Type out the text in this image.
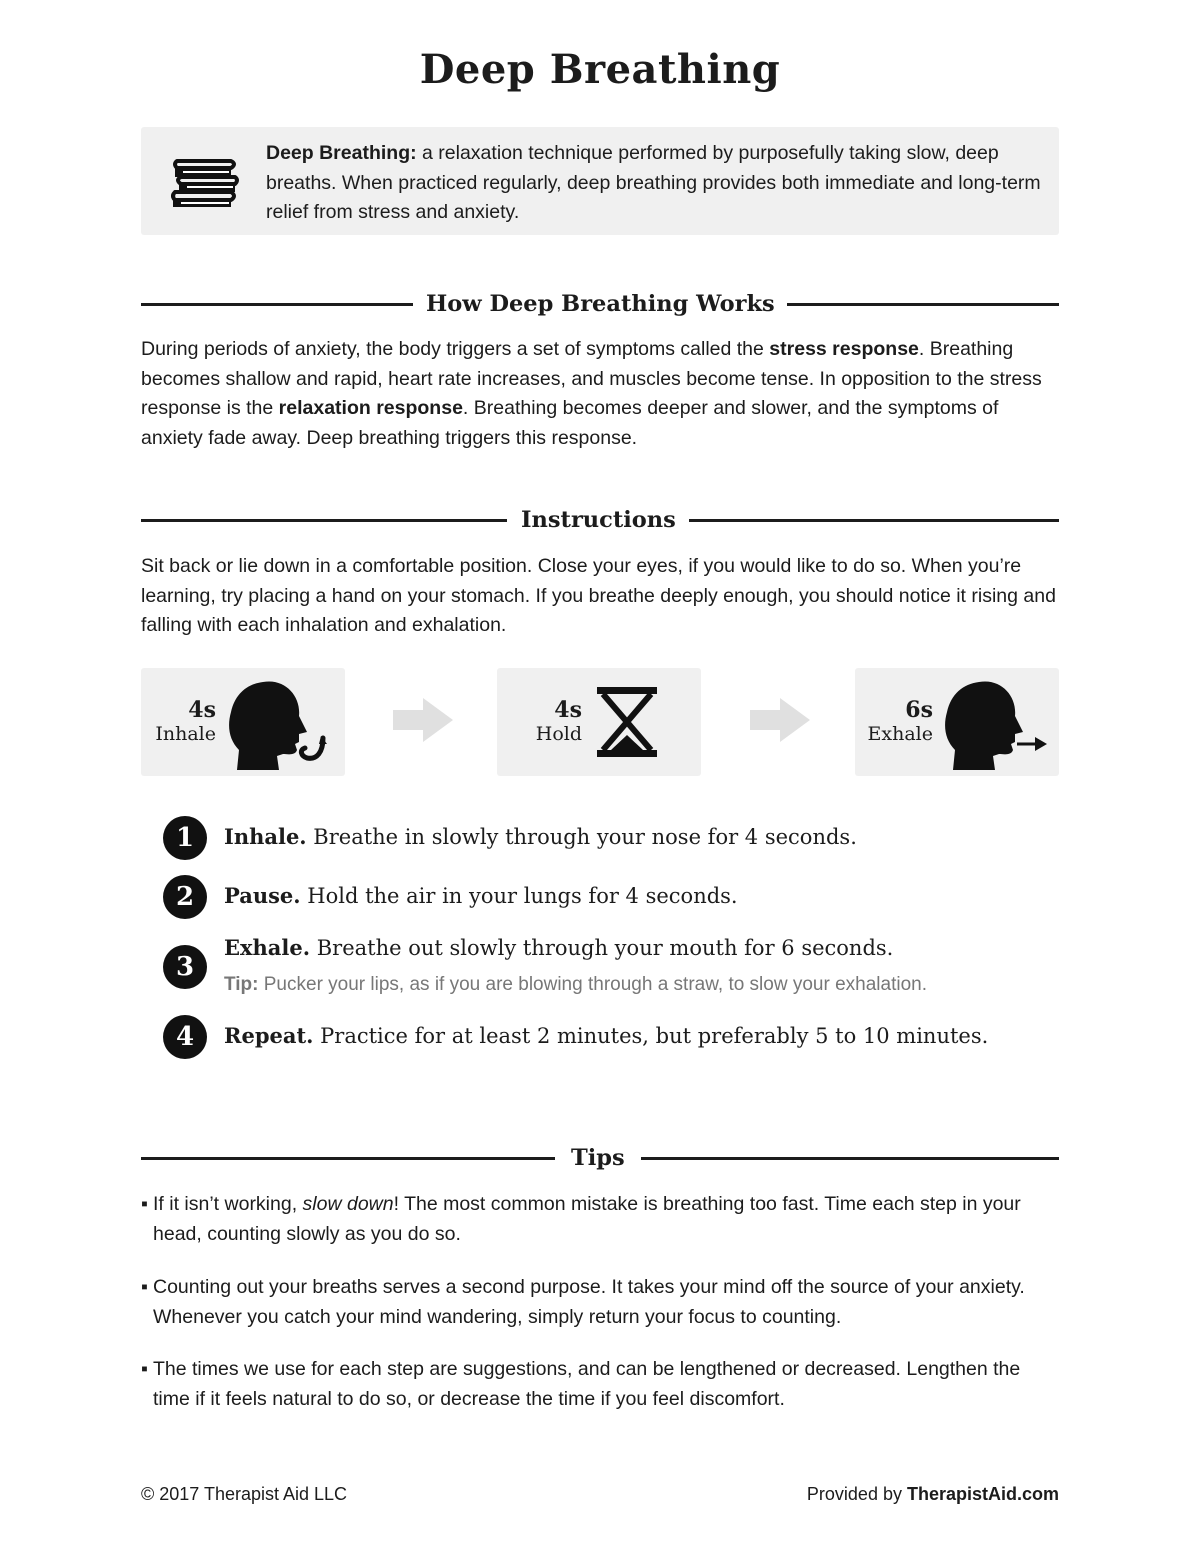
Deep Breathing
Deep Breathing: a relaxation technique performed by purposefully taking slow, deep breaths. When practiced regularly, deep breathing provides both immediate and long-term relief from stress and anxiety.
How Deep Breathing Works
During periods of anxiety, the body triggers a set of symptoms called the stress response. Breathing becomes shallow and rapid, heart rate increases, and muscles become tense. In opposition to the stress response is the relaxation response. Breathing becomes deeper and slower, and the symptoms of anxiety fade away. Deep breathing triggers this response.
Instructions
Sit back or lie down in a comfortable position. Close your eyes, if you would like to do so. When you’re learning, try placing a hand on your stomach. If you breathe deeply enough, you should notice it rising and falling with each inhalation and exhalation.
4s
Inhale
4s
Hold
6s
Exhale
1	Inhale. Breathe in slowly through your nose for 4 seconds.
2	Pause. Hold the air in your lungs for 4 seconds.
3
Exhale. Breathe out slowly through your mouth for 6 seconds.
Tip: Pucker your lips, as if you are blowing through a straw, to slow your exhalation.
4	Repeat. Practice for at least 2 minutes, but preferably 5 to 10 minutes.
Tips
▪ If it isn’t working, slow down! The most common mistake is breathing too fast. Time each step in your head, counting slowly as you do so.
▪ Counting out your breaths serves a second purpose. It takes your mind off the source of your anxiety. Whenever you catch your mind wandering, simply return your focus to counting.
▪ The times we use for each step are suggestions, and can be lengthened or decreased. Lengthen the time if it feels natural to do so, or decrease the time if you feel discomfort.
© 2017 Therapist Aid LLC	Provided by TherapistAid.com
